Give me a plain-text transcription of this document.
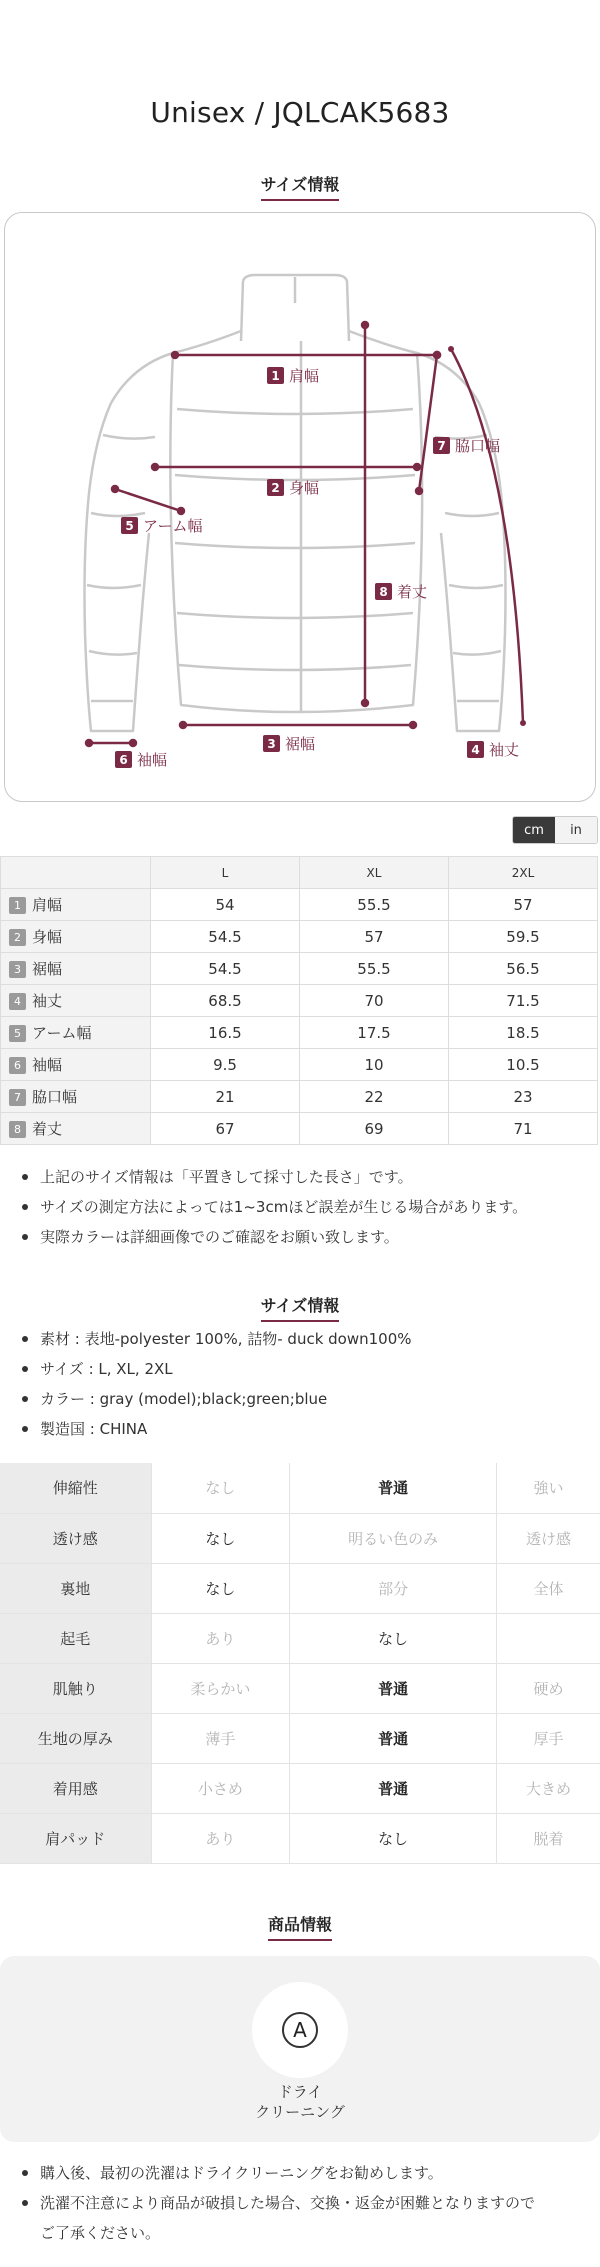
Unisex / JQLCAK5683
サイズ情報
1 肩幅
2 身幅
3 裾幅	4 袖丈
5 アーム幅
6 袖幅
7 脇口幅
8 着丈
cm	in
	L	XL	2XL
1 肩幅	54	55.5	57
2 身幅	54.5	57	59.5
3 裾幅	54.5	55.5	56.5
4 袖丈	68.5	70	71.5
5 アーム幅	16.5	17.5	18.5
6 袖幅	9.5	10	10.5
7 脇口幅	21	22	23
8 着丈	67	69	71
上記のサイズ情報は「平置きして採寸した長さ」です。
サイズの測定方法によっては1~3cmほど誤差が生じる場合があります。
実際カラーは詳細画像でのご確認をお願い致します。
サイズ情報
素材 : 表地-polyester 100%, 詰物- duck down100%
サイズ : L, XL, 2XL
カラー : gray (model);black;green;blue
製造国 : CHINA
伸縮性	なし	普通	強い
透け感	なし	明るい色のみ	透け感
裏地	なし	部分	全体
起毛	あり	なし	
肌触り	柔らかい	普通	硬め
生地の厚み	薄手	普通	厚手
着用感	小さめ	普通	大きめ
肩パッド	あり	なし	脱着
商品情報
A
ドライ
クリーニング
購入後、最初の洗濯はドライクリーニングをお勧めします。
洗濯不注意により商品が破損した場合、交換・返金が困難となりますので
ご了承ください。
